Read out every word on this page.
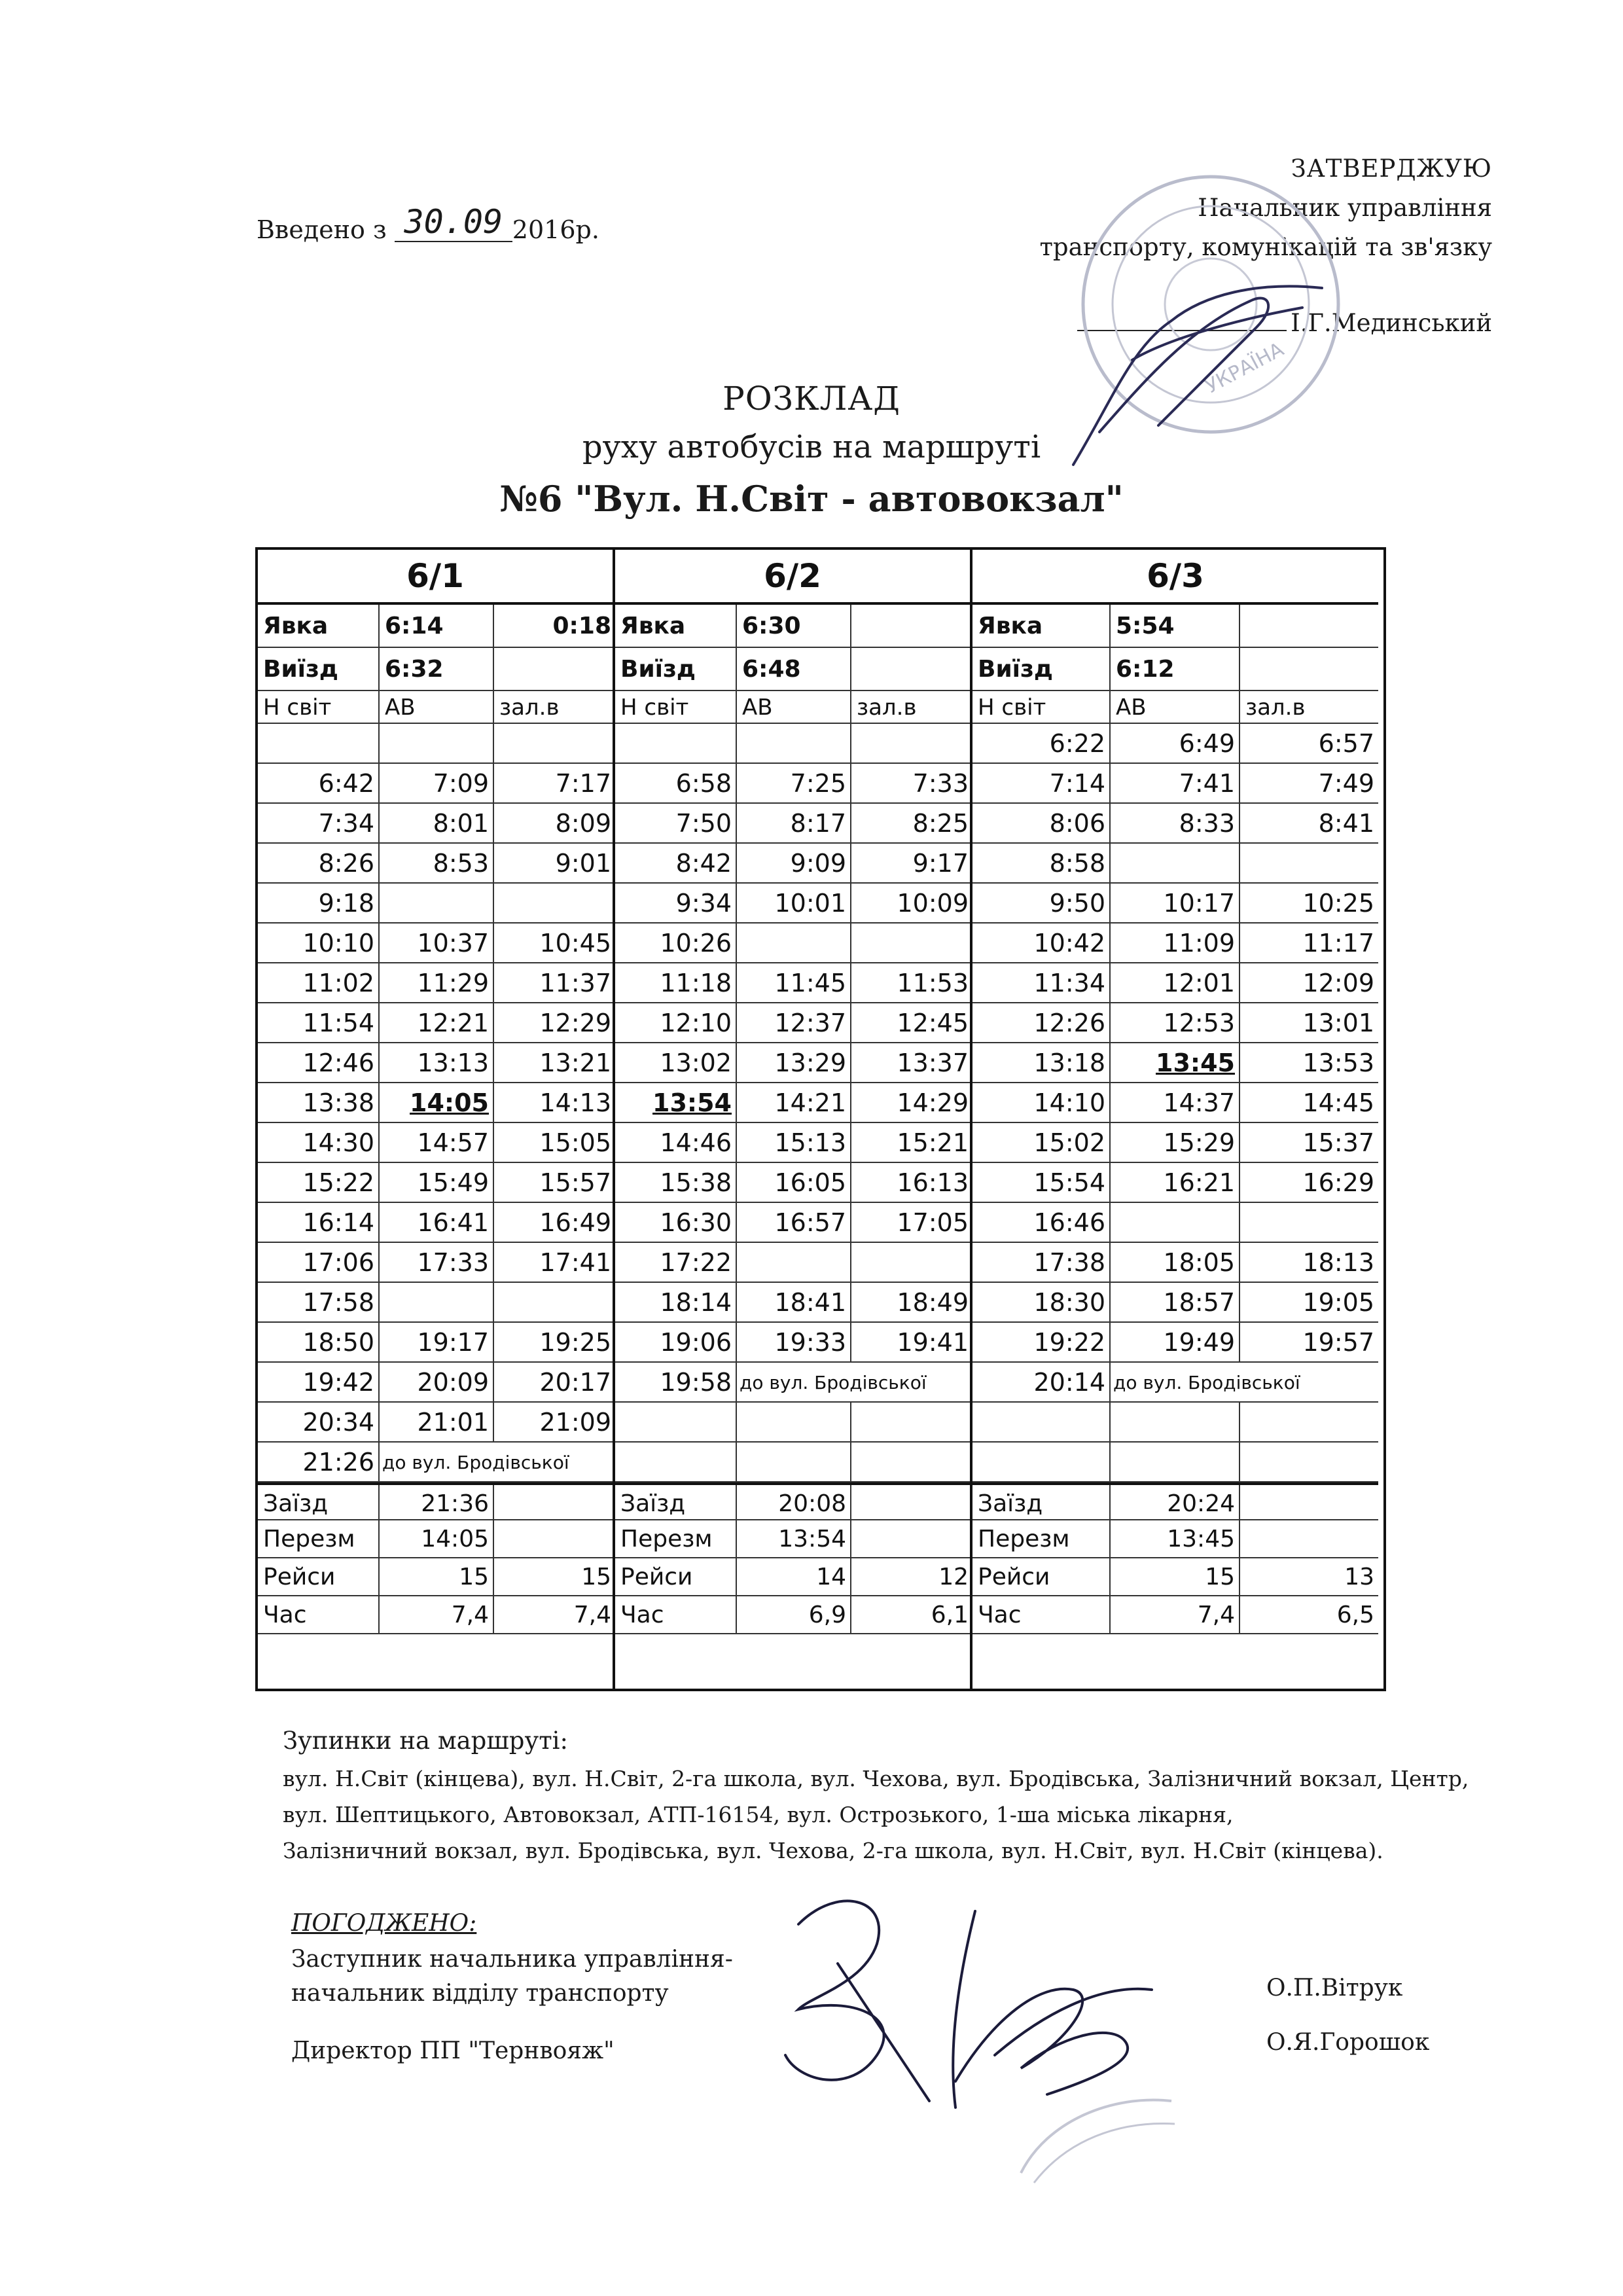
Введено з 30.09 2016р.
ЗАТВЕРДЖУЮ
Начальник управління
транспорту, комунікацій та зв'язку
І.Г.Мединський
УКРАЇНА
РОЗКЛАД
руху автобусів на маршруті
№6 "Вул. Н.Світ - автовокзал"
6/1
Явка	6:14	0:18
Виїзд	6:32
Н світ	АВ	зал.в
6:42	7:09	7:17
7:34	8:01	8:09
8:26	8:53	9:01
9:18
10:10	10:37	10:45
11:02	11:29	11:37
11:54	12:21	12:29
12:46	13:13	13:21
13:38	14:05	14:13
14:30	14:57	15:05
15:22	15:49	15:57
16:14	16:41	16:49
17:06	17:33	17:41
17:58
18:50	19:17	19:25
19:42	20:09	20:17
20:34	21:01	21:09
21:26 до вул. Бродівської
Заїзд	21:36
Перезм	14:05
Рейси	15	15
Час	7,4	7,4
6/2
Явка	6:30
Виїзд	6:48
Н світ	АВ	зал.в
6:58	7:25	7:33
7:50	8:17	8:25
8:42	9:09	9:17
9:34	10:01	10:09
10:26
11:18	11:45	11:53
12:10	12:37	12:45
13:02	13:29	13:37
13:54	14:21	14:29
14:46	15:13	15:21
15:38	16:05	16:13
16:30	16:57	17:05
17:22
18:14	18:41	18:49
19:06	19:33	19:41
19:58 до вул. Бродівської
Заїзд	20:08
Перезм	13:54
Рейси	14	12
Час	6,9	6,1
6/3
Явка	5:54
Виїзд	6:12
Н світ	АВ	зал.в
6:22	6:49	6:57
7:14	7:41	7:49
8:06	8:33	8:41
8:58
9:50	10:17	10:25
10:42	11:09	11:17
11:34	12:01	12:09
12:26	12:53	13:01
13:18	13:45	13:53
14:10	14:37	14:45
15:02	15:29	15:37
15:54	16:21	16:29
16:46
17:38	18:05	18:13
18:30	18:57	19:05
19:22	19:49	19:57
20:14 до вул. Бродівської
Заїзд	20:24
Перезм	13:45
Рейси	15	13
Час	7,4	6,5
Зупинки на маршруті:
вул. Н.Світ (кінцева), вул. Н.Світ, 2-га школа, вул. Чехова, вул. Бродівська, Залізничний вокзал, Центр,
вул. Шептицького, Автовокзал, АТП-16154, вул. Острозького, 1-ша міська лікарня,
Залізничний вокзал, вул. Бродівська, вул. Чехова, 2-га школа, вул. Н.Світ, вул. Н.Світ (кінцева).
ПОГОДЖЕНО:
Заступник начальника управління-
начальник відділу транспорту
Директор ПП "Тернвояж"
О.П.Вітрук
О.Я.Горошок
